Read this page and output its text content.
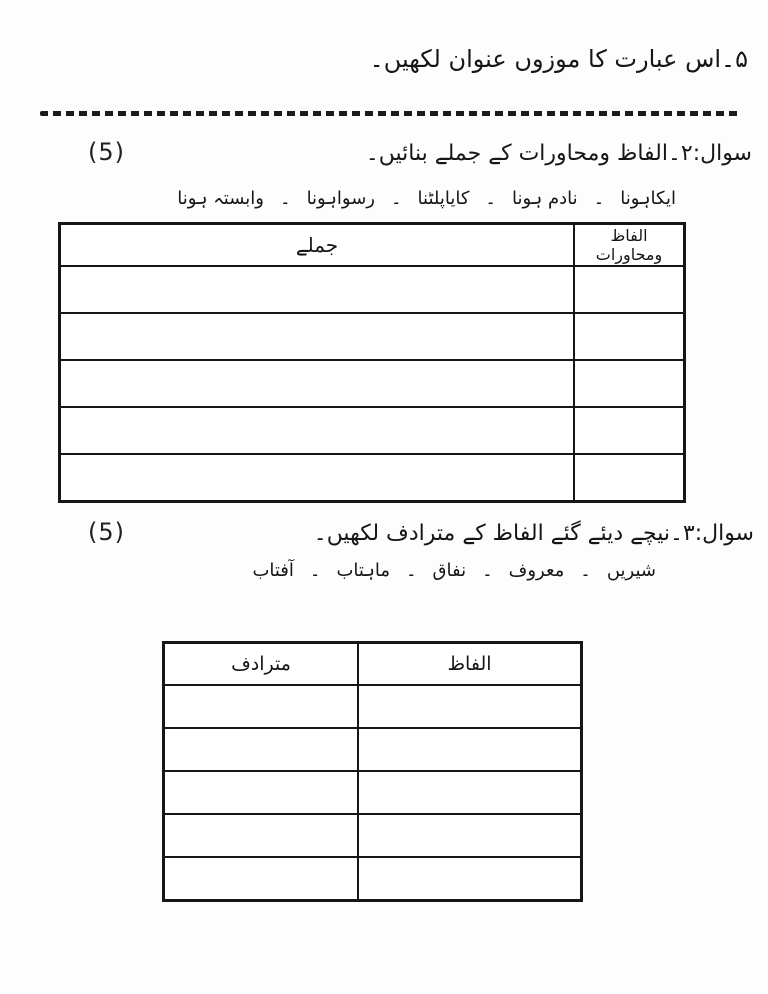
۵۔اس عبارت کا موزوں عنوان لکھیں۔
(5)	سوال:۲۔الفاظ ومحاورات کے جملے بنائیں۔
ایکاہونا
۔
نادم ہونا
۔
کایاپلٹنا
۔
رسواہونا
۔
وابستہ ہونا
الفاظ ومحاورات	جملے

(5)	سوال:۳۔نیچے دیئے گئے الفاظ کے مترادف لکھیں۔
شیریں
۔
معروف
۔
نفاق
۔
ماہتاب
۔
آفتاب
الفاظ	مترادف
